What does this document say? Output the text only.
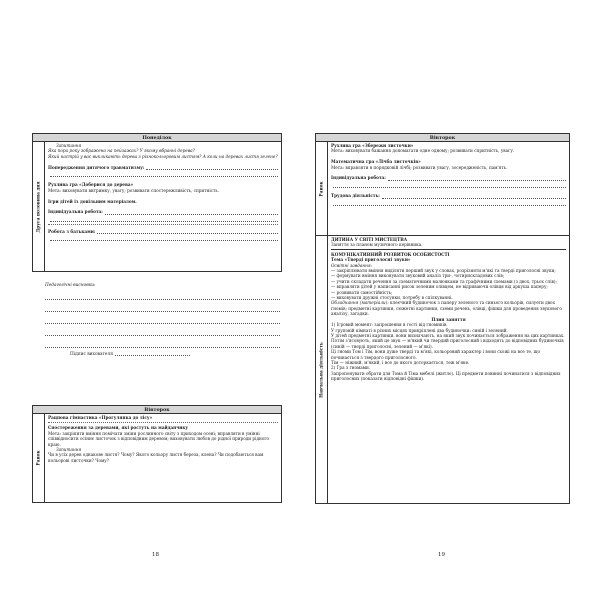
Понеділок
Друга половина дня

Запитання

Яка пора року зображена на пейзажах? У якому вбранні дерева?

Який настрій у вас викликають дерева з різнокольоровим листям? А коли на деревах листя зелене?

Попередження дитячого травматизму:

Рухлива гра «Доберися до дерева»

Мета: виховувати витримку, увагу; розвивати спостережливість, спритність.

Ігри дітей із довільним матеріалом.

Індивідуальна робота:
Робота з батьками:

Педагогічні висновки:

Підпис вихователя
Вівторок
Ранок

Рацпова гімнастика «Прогулянка до лісу»

Спостереження за деревами, які ростуть на майданчику

Мета: закріпити вміння помічати зміни рослинного світу з приходом осені; вправляти в умінні співвідносити осіннє листочок з відповідним деревом; виховувати любов до рідної природи рідного краю.

Запитання

Чи в усіх дерев однакове листя? Чому? Якого кольору листя береза, клена? Чи подобаються вам кольорові листочки? Чому?

18
Вівторок
Ранок

Рухлива гра «Збережи листочки»

Мета: виховувати бажання допомагати одне одному; розвивати спритність, увагу.

Математична гра «Лічба листочків»

Мета: вправляти в порядковій лічбі; розвивати увагу, зосередженість, пам'ять.

Індивідуальна робота:
Трудова діяльність:
Навчальна діяльність

ДИТИНА У СВІТІ МИСТЕЦТВА

Заняття за планом музичного керівника.

КОМУНІКАТИВНИЙ РОЗВИТОК ОСОБИСТОСТІ

Тема «Тверді приголосні звуки»

Освітні завдання:

— закріплювати вміння виділяти перший звук у словах, розрізняти м'які та тверді приголосні звуки;

— формувати вміння виконувати звуковий аналіз три-, чотирискладових слів;

— учити складати речення за схематичними малюнками та графічними схемами (з двох, трьох слів);

— вправляти дітей у написанні рисок зеленим олівцем, не відриваючи олівця від аркуша паперу;

— розвивати самостійність;

— виховувати дружні стосунки, потребу в спілкуванні.

Обладнання (матеріали): клеєчний будиночок з паперу зеленого та синього кольорів, силуети двох гномів; предметні картинки, сюжетні картинки, схеми речень, олівці, фішки для проведення звукового аналізу, загадки.

Плин заняття

1) Ігровий момент: запрошення в гості від гномиків.

У груповій кімнаті в різних місцях прикріплені два будиночки: синій і зелений.

У дітей предметні картинки, вони визначають, на який звук починається зображення на цих картинках. Потім з'ясовують, який це звук — м'який чи твердий приголосний і відходять до відповідних будиночків (синій — тверді приголосні, зелений — м'які).

Ці гноми Том і Тім, вони дуже тверді та м'які, кольоровий характер і вони схожі на все те, що починається з твердого приголосного.

Тім — ніжний, м'який, і все до якого доторкається, теж м'яке.

2) Гра з гномами.

Запропонувати обрати для Тома й Тіма мебелі (житло). Ці предмети повинні починатися з відповідних приголосних (показати відповідні фішки).

19
